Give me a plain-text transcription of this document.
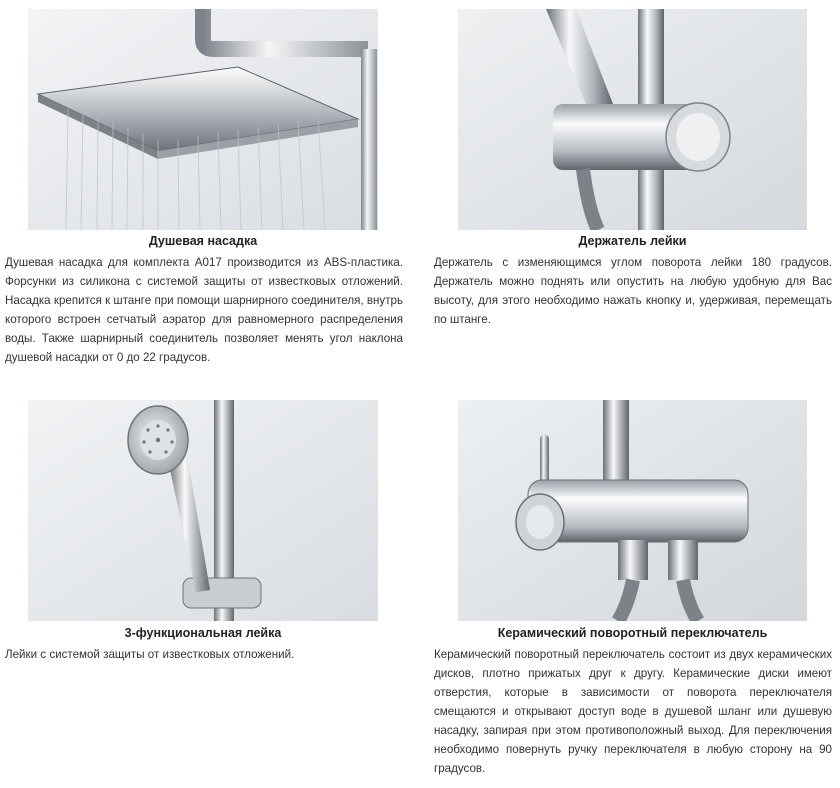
Душевая насадка

Душевая насадка для комплекта A017 производится из ABS-пластика. Форсунки из силикона с системой защиты от известковых отложений. Насадка крепится к штанге при помощи шарнирного соединителя, внутрь которого встроен сетчатый аэратор для равномерного распределения воды. Также шарнирный соединитель позволяет менять угол наклона душевой насадки от 0 до 22 градусов.

Держатель лейки

Держатель с изменяющимся углом поворота лейки 180 градусов. Держатель можно поднять или опустить на любую удобную для Вас высоту, для этого необходимо нажать кнопку и, удерживая, перемещать по штанге.

3-функциональная лейка

Лейки с системой защиты от известковых отложений.

Керамический поворотный переключатель

Керамический поворотный переключатель состоит из двух керамических дисков, плотно прижатых друг к другу. Керамические диски имеют отверстия, которые в зависимости от поворота переключателя смещаются и открывают доступ воде в душевой шланг или душевую насадку, запирая при этом противоположный выход. Для переключения необходимо повернуть ручку переключателя в любую сторону на 90 градусов.
